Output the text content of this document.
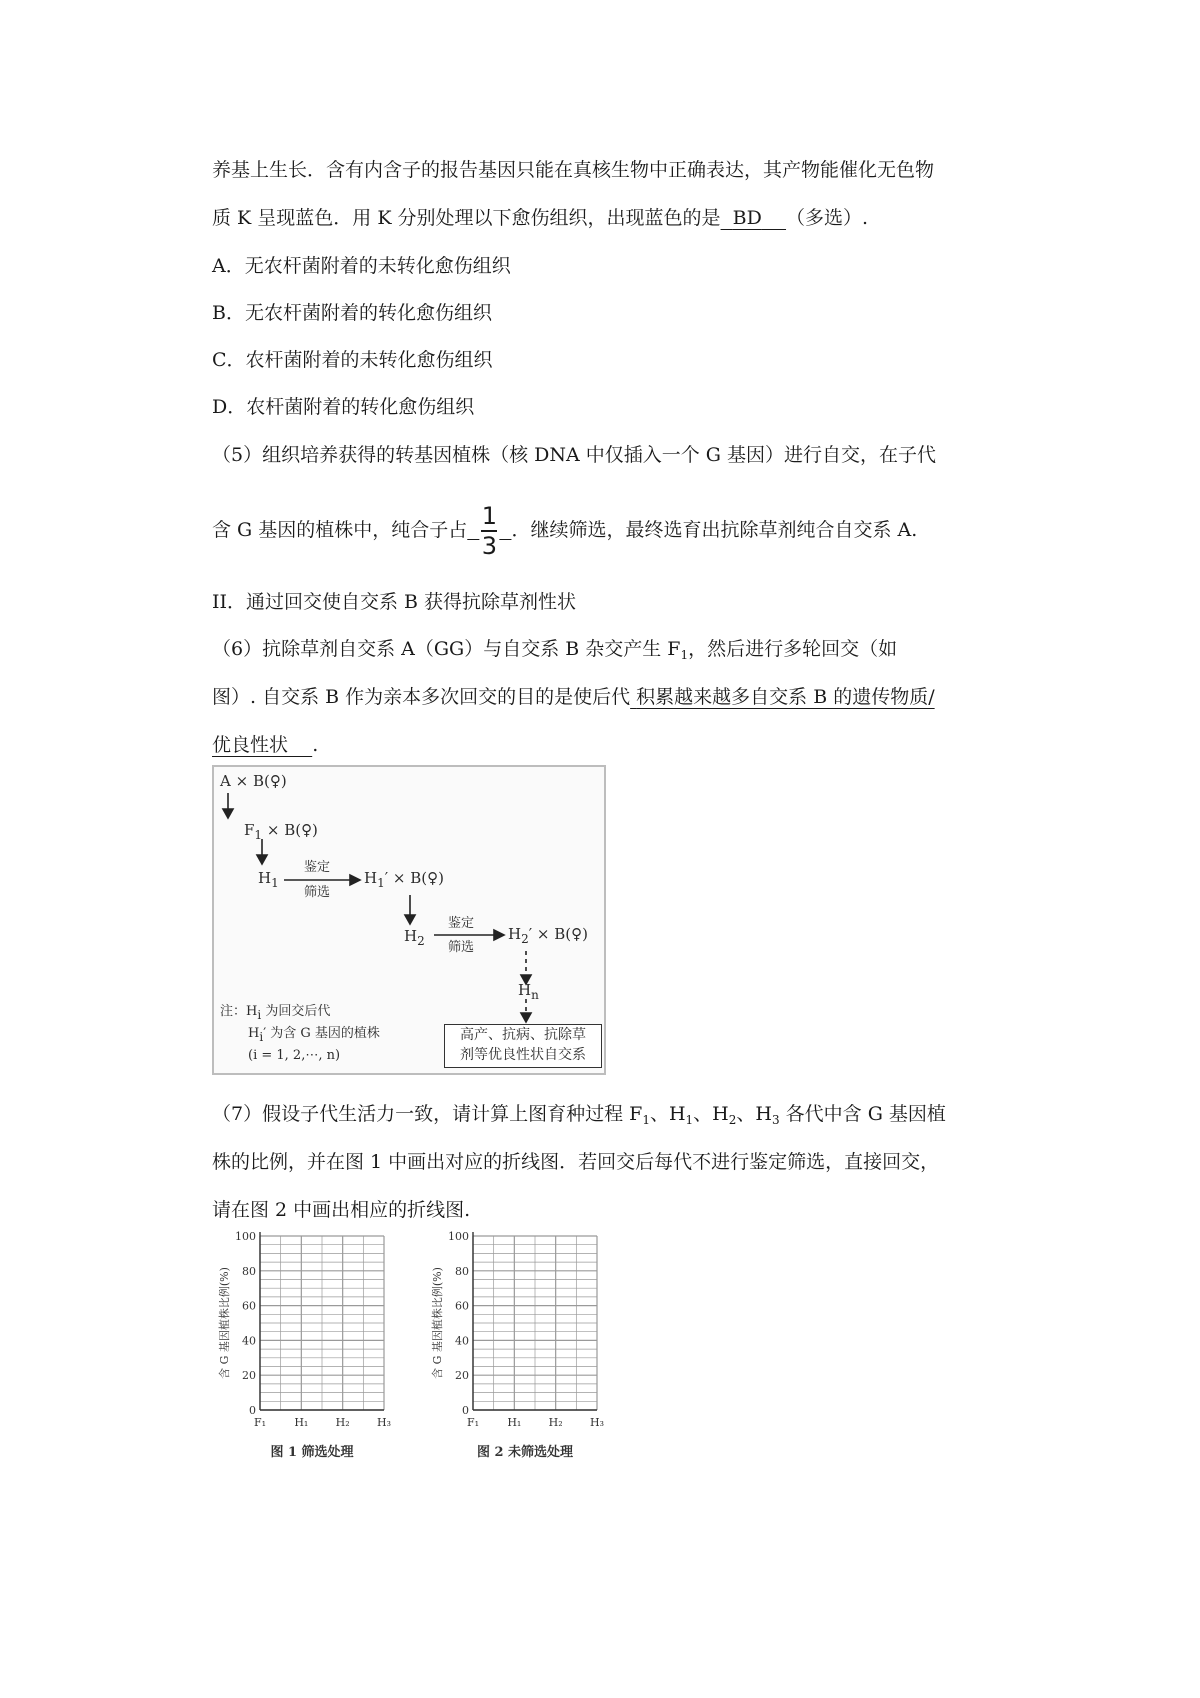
养基上生长．含有内含子的报告基因只能在真核生物中正确表达，其产物能催化无色物
质 K 呈现蓝色．用 K 分别处理以下愈伤组织，出现蓝色的是 BD （多选）.
A．无农杆菌附着的未转化愈伤组织
B．无农杆菌附着的转化愈伤组织
C．农杆菌附着的未转化愈伤组织
D．农杆菌附着的转化愈伤组织
（5）组织培养获得的转基因植株（核 DNA 中仅插入一个 G 基因）进行自交，在子代
含 G 基因的植株中，纯合子占 $\frac{1}{3}$ ．继续筛选，最终选育出抗除草剂纯合自交系 A.
II．通过回交使自交系 B 获得抗除草剂性状
（6）抗除草剂自交系 A（GG）与自交系 B 杂交产生 $F_1$，然后进行多轮回交（如
图）. 自交系 B 作为亲本多次回交的目的是使后代 积累越来越多自交系 B 的遗传物质/
优良性状 .
A × B(♀)
$F_1$ × B(♀)
$H_1$
鉴定
筛选
$H_1'$ × B(♀)
$H_2$
鉴定
筛选
$H_2'$ × B(♀)
$H_n$
注：Hi 为回交后代
Hi′ 为含 G 基因的植株
(i = 1, 2,⋯, n)
高产、抗病、抗除草
剂等优良性状自交系
（7）假设子代生活力一致，请计算上图育种过程 $F_1$、$H_1$、$H_2$、$H_3$ 各代中含 G 基因植
株的比例，并在图 1 中画出对应的折线图．若回交后每代不进行鉴定筛选，直接回交，
请在图 2 中画出相应的折线图.
0
20
40
60
80
100
F₁	H₁ H₂ H₃
含 G 基因植株比例(%)
图 1 筛选处理
0
20
40
60
80
100
F₁	H₁ H₂ H₃
含 G 基因植株比例(%)
图 2 未筛选处理
